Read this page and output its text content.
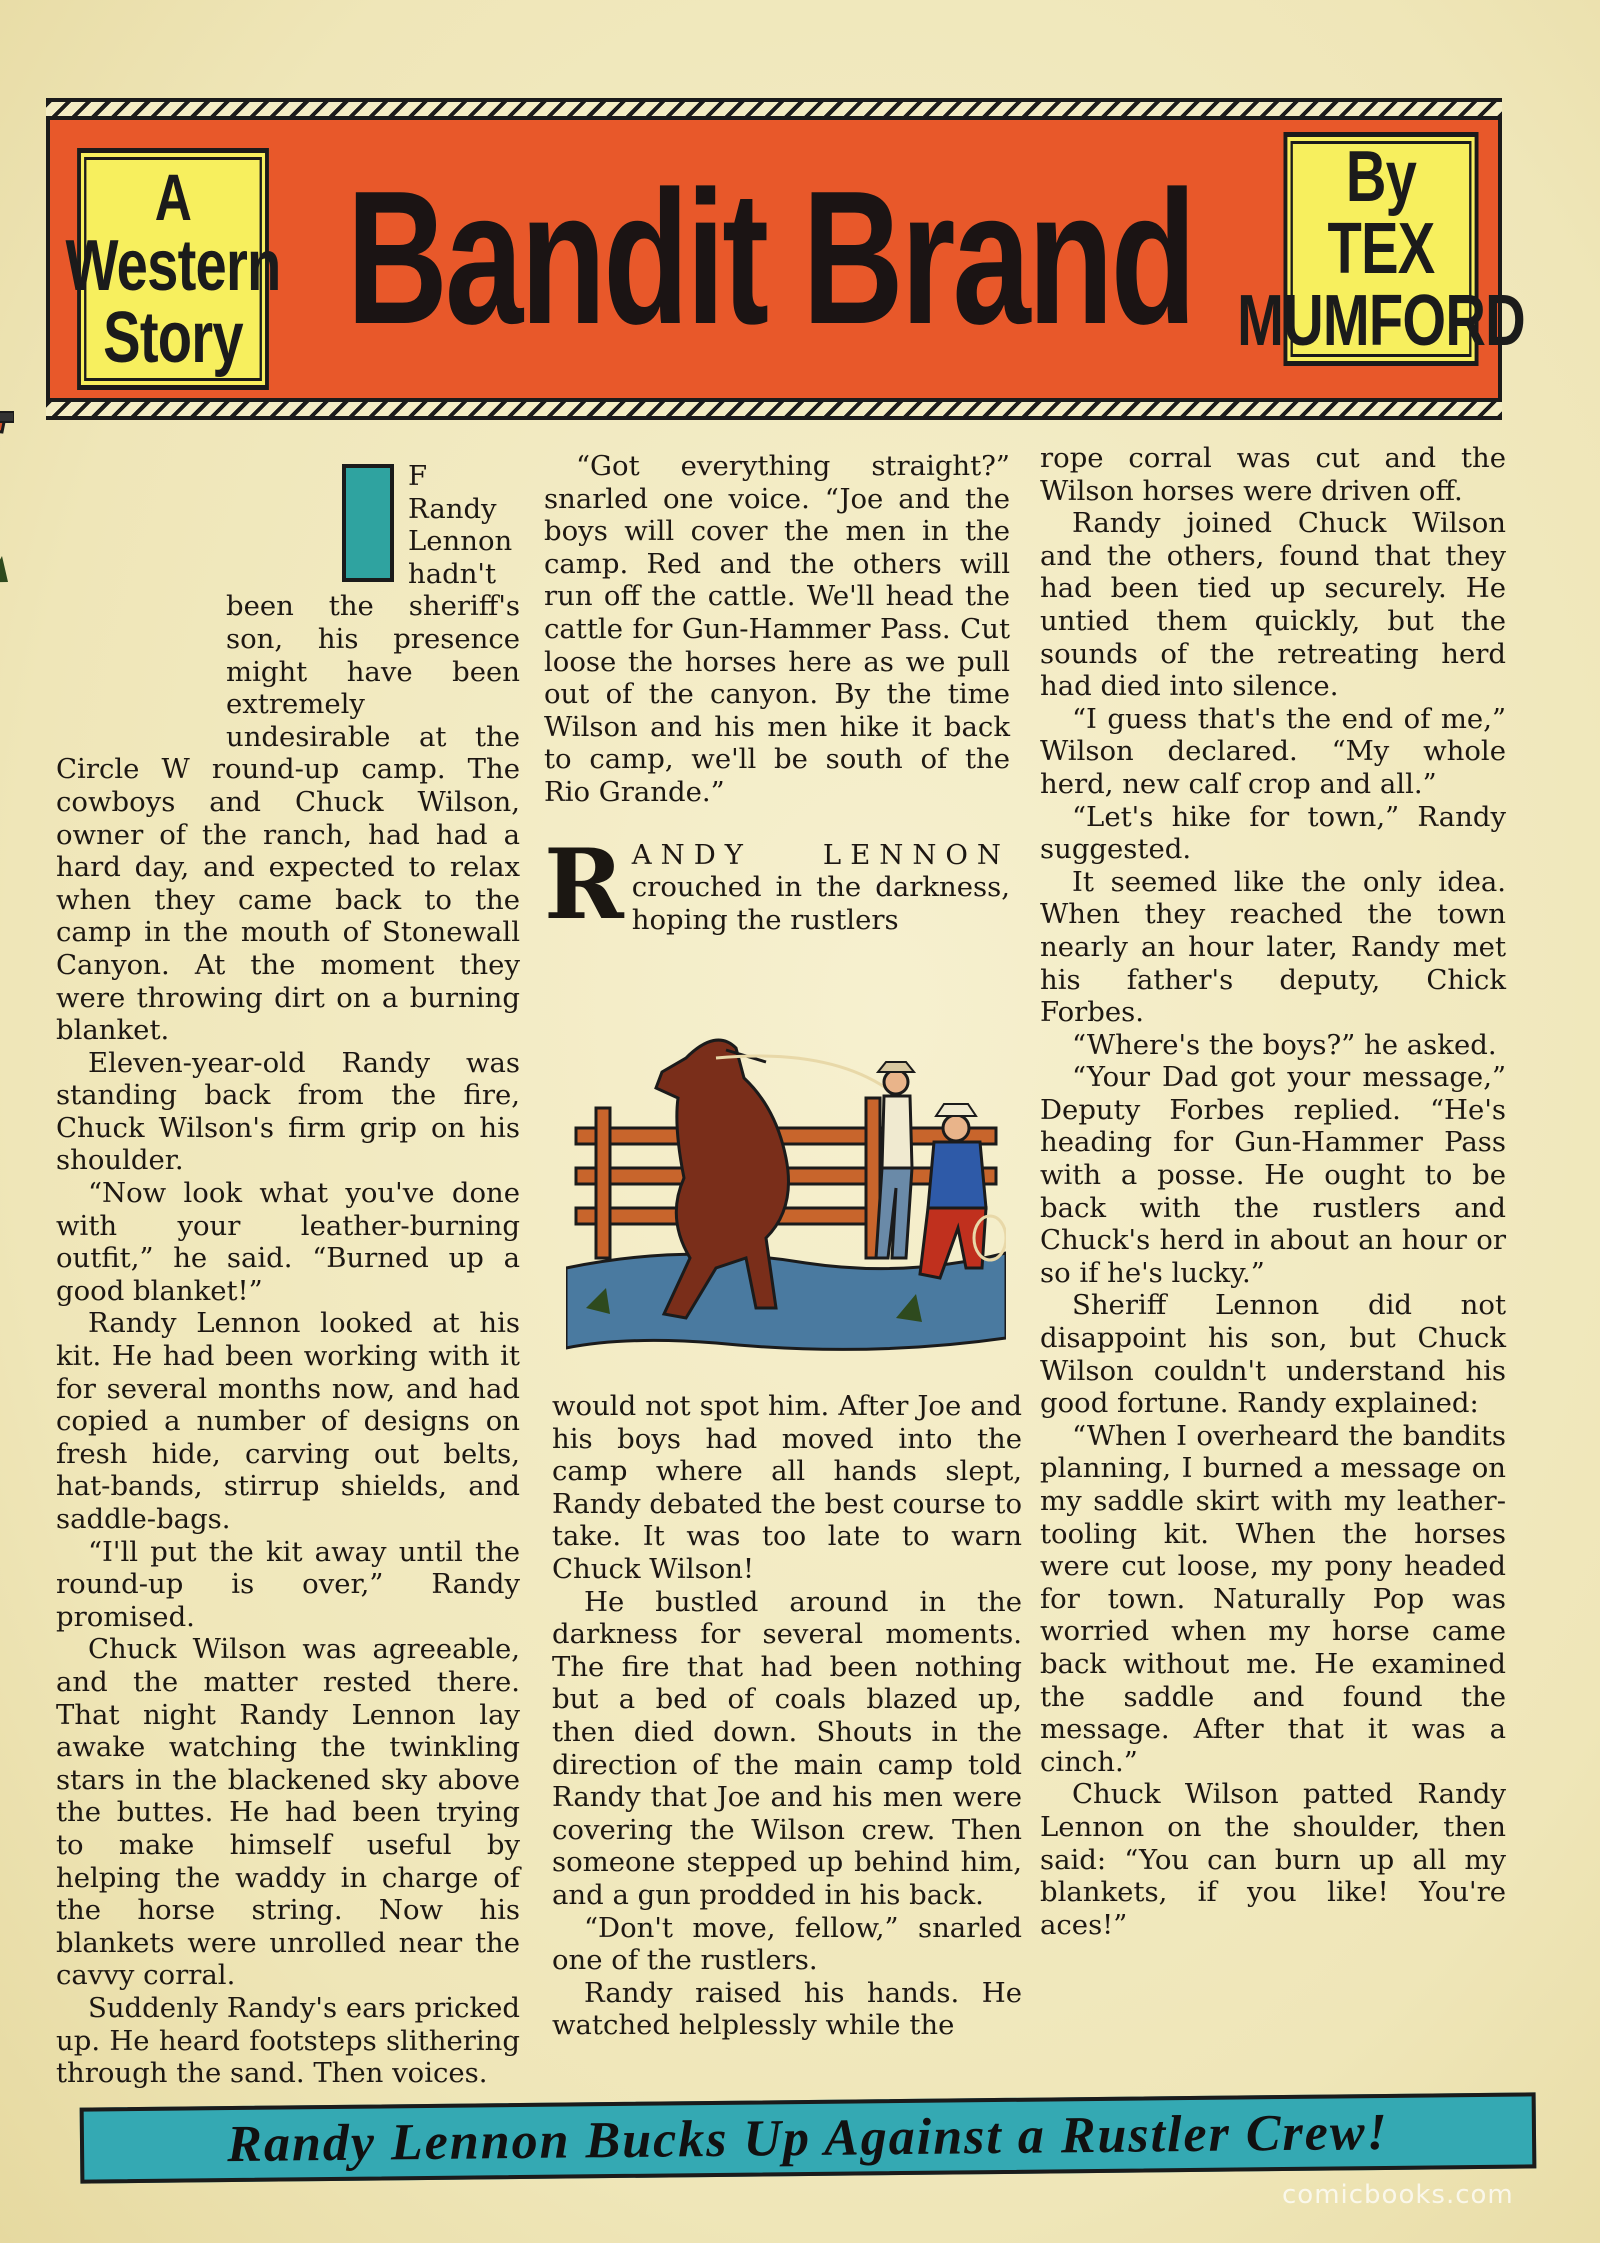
A
Western
Story Bandit Brand By
TEX
MUMFORD

F Randy Lennon hadn't been the sheriff's son, his presence might have been extremely undesirable at the Circle W round-up camp. The cowboys and Chuck Wilson, owner of the ranch, had had a hard day, and expected to relax when they came back to the camp in the mouth of Stonewall Canyon. At the moment they were throwing dirt on a burning blanket.

Eleven-year-old Randy was standing back from the fire, Chuck Wilson's firm grip on his shoulder.

“Now look what you've done with your leather-burning outfit,” he said. “Burned up a good blanket!”

Randy Lennon looked at his kit. He had been working with it for several months now, and had copied a number of designs on fresh hide, carving out belts, hat-bands, stirrup shields, and saddle-bags.

“I'll put the kit away until the round-up is over,” Randy promised.

Chuck Wilson was agreeable, and the matter rested there. That night Randy Lennon lay awake watching the twinkling stars in the blackened sky above the buttes. He had been trying to make himself useful by helping the waddy in charge of the horse string. Now his blankets were unrolled near the cavvy corral.

Suddenly Randy's ears pricked up. He heard footsteps slithering through the sand. Then voices.

“Got everything straight?” snarled one voice. “Joe and the boys will cover the men in the camp. Red and the others will run off the cattle. We'll head the cattle for Gun-Hammer Pass. Cut loose the horses here as we pull out of the canyon. By the time Wilson and his men hike it back to camp, we'll be south of the Rio Grande.”

RANDY LENNON crouched in the darkness, hoping the rustlers

would not spot him. After Joe and his boys had moved into the camp where all hands slept, Randy debated the best course to take. It was too late to warn Chuck Wilson!

He bustled around in the darkness for several moments. The fire that had been nothing but a bed of coals blazed up, then died down. Shouts in the direction of the main camp told Randy that Joe and his men were covering the Wilson crew. Then someone stepped up behind him, and a gun prodded in his back.

“Don't move, fellow,” snarled one of the rustlers.

Randy raised his hands. He watched helplessly while the

rope corral was cut and the Wilson horses were driven off.

Randy joined Chuck Wilson and the others, found that they had been tied up securely. He untied them quickly, but the sounds of the retreating herd had died into silence.

“I guess that's the end of me,” Wilson declared. “My whole herd, new calf crop and all.”

“Let's hike for town,” Randy suggested.

It seemed like the only idea. When they reached the town nearly an hour later, Randy met his father's deputy, Chick Forbes.

“Where's the boys?” he asked.

“Your Dad got your message,” Deputy Forbes replied. “He's heading for Gun-Hammer Pass with a posse. He ought to be back with the rustlers and Chuck's herd in about an hour or so if he's lucky.”

Sheriff Lennon did not disappoint his son, but Chuck Wilson couldn't understand his good fortune. Randy explained:

“When I overheard the bandits planning, I burned a message on my saddle skirt with my leather-tooling kit. When the horses were cut loose, my pony headed for town. Naturally Pop was worried when my horse came back without me. He examined the saddle and found the message. After that it was a cinch.”

Chuck Wilson patted Randy Lennon on the shoulder, then said: “You can burn up all my blankets, if you like! You're aces!”

Randy Lennon Bucks Up Against a Rustler Crew!
comicbooks.com
